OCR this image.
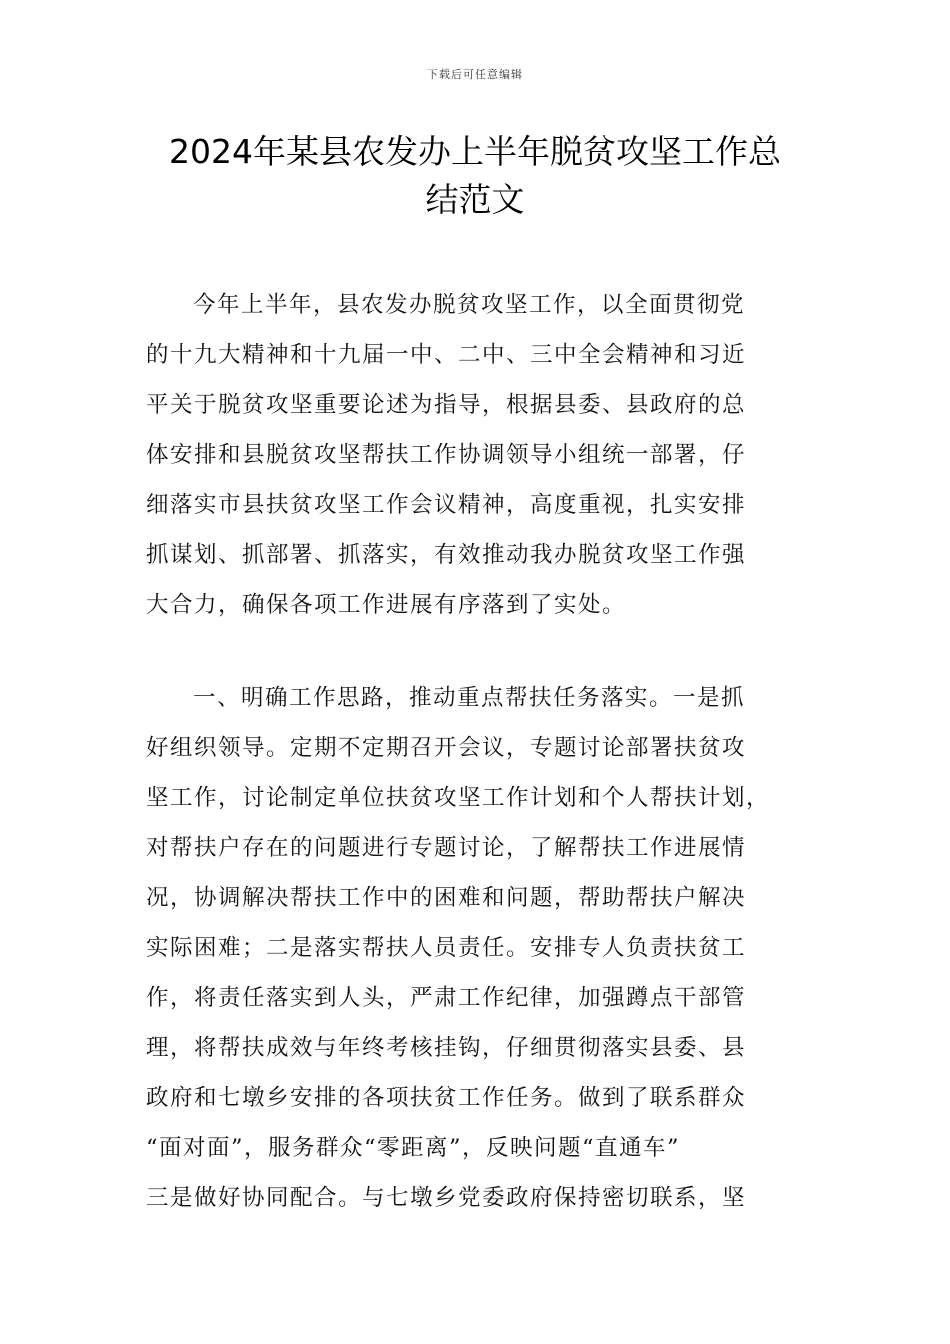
下载后可任意编辑
2024年某县农发办上半年脱贫攻坚工作总
结范文
今年上半年，县农发办脱贫攻坚工作，以全面贯彻党
的十九大精神和十九届一中、二中、三中全会精神和习近
平关于脱贫攻坚重要论述为指导，根据县委、县政府的总
体安排和县脱贫攻坚帮扶工作协调领导小组统一部署，仔
细落实市县扶贫攻坚工作会议精神，高度重视，扎实安排
抓谋划、抓部署、抓落实，有效推动我办脱贫攻坚工作强
大合力，确保各项工作进展有序落到了实处。
一、明确工作思路，推动重点帮扶任务落实。一是抓
好组织领导。定期不定期召开会议，专题讨论部署扶贫攻
坚工作，讨论制定单位扶贫攻坚工作计划和个人帮扶计划，
对帮扶户存在的问题进行专题讨论，了解帮扶工作进展情
况，协调解决帮扶工作中的困难和问题，帮助帮扶户解决
实际困难；二是落实帮扶人员责任。安排专人负责扶贫工
作，将责任落实到人头，严肃工作纪律，加强蹲点干部管
理，将帮扶成效与年终考核挂钩，仔细贯彻落实县委、县
政府和七墩乡安排的各项扶贫工作任务。做到了联系群众
“面对面”，服务群众“零距离”，反映问题“直通车”
三是做好协同配合。与七墩乡党委政府保持密切联系，坚
